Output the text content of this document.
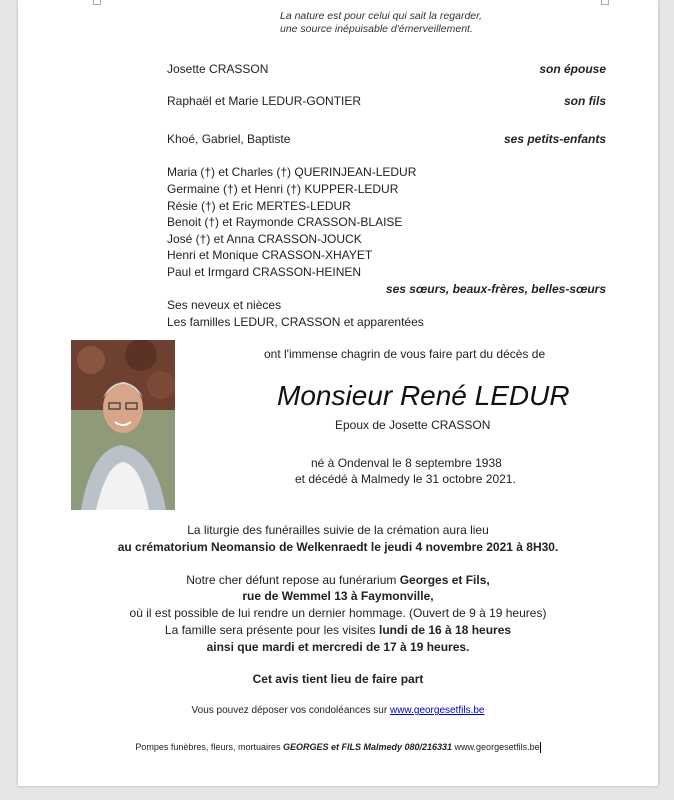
La nature est pour celui qui sait la regarder,
une source inépuisable d'émerveillement.
Josette CRASSON	son épouse
Raphaël et Marie LEDUR-GONTIER	son fils
Khoé, Gabriel, Baptiste	ses petits-enfants
Maria (†) et Charles (†) QUERINJEAN-LEDUR
Germaine (†) et Henri (†) KUPPER-LEDUR
Résie (†) et Eric MERTES-LEDUR
Benoit (†) et Raymonde CRASSON-BLAISE
José (†) et Anna CRASSON-JOUCK
Henri et Monique CRASSON-XHAYET
Paul et Irmgard CRASSON-HEINEN
ses sœurs, beaux-frères, belles-sœurs
Ses neveux et nièces
Les familles LEDUR, CRASSON et apparentées
ont l'immense chagrin de vous faire part du décès de
Monsieur René LEDUR
Epoux de Josette CRASSON
né à Ondenval le 8 septembre 1938
et décédé à Malmedy le 31 octobre 2021.
La liturgie des funérailles suivie de la crémation aura lieu
au crématorium Neomansio de Welkenraedt le jeudi 4 novembre 2021 à 8H30.
Notre cher défunt repose au funérarium Georges et Fils,
rue de Wemmel 13 à Faymonville,
où il est possible de lui rendre un dernier hommage. (Ouvert de 9 à 19 heures)
La famille sera présente pour les visites lundi de 16 à 18 heures
ainsi que mardi et mercredi de 17 à 19 heures.
Cet avis tient lieu de faire part
Vous pouvez déposer vos condoléances sur www.georgesetfils.be
Pompes funèbres, fleurs, mortuaires GEORGES et FILS Malmedy 080/216331 www.georgesetfils.be
